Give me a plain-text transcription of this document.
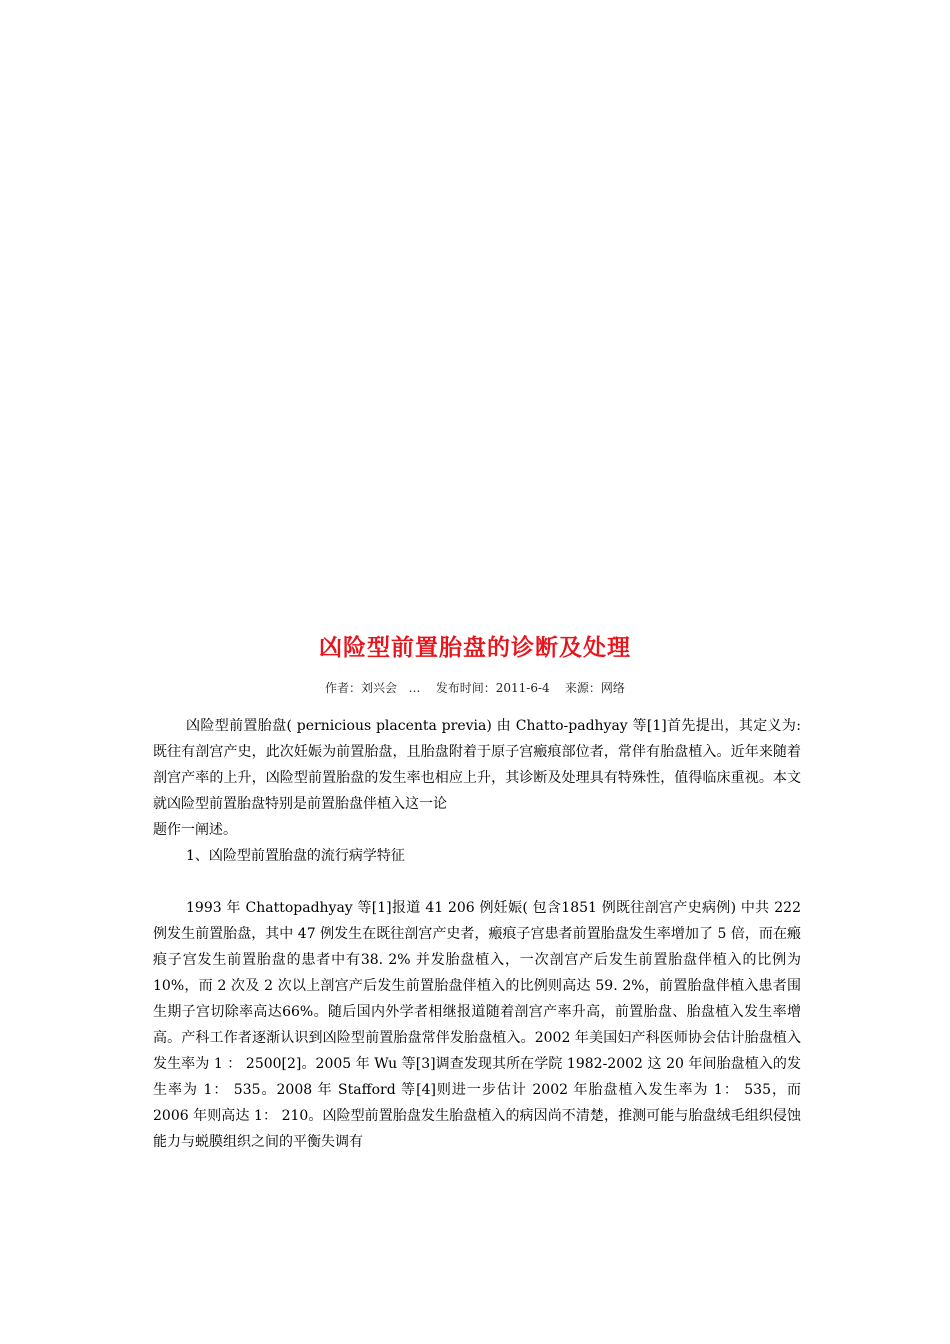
凶险型前置胎盘的诊断及处理
作者：刘兴会   …    发布时间：2011-6-4    来源：网络

凶险型前置胎盘( pernicious placenta previa) 由 Chatto-padhyay 等[1]首先提出，其定义为: 既往有剖宫产史，此次妊娠为前置胎盘，且胎盘附着于原子宫瘢痕部位者，常伴有胎盘植入。近年来随着剖宫产率的上升，凶险型前置胎盘的发生率也相应上升，其诊断及处理具有特殊性，值得临床重视。本文就凶险型前置胎盘特别是前置胎盘伴植入这一论

题作一阐述。

1、凶险型前置胎盘的流行病学特征

1993 年 Chattopadhyay 等[1]报道 41 206 例妊娠( 包含1851 例既往剖宫产史病例) 中共 222 例发生前置胎盘，其中 47 例发生在既往剖宫产史者，瘢痕子宫患者前置胎盘发生率增加了 5 倍，而在瘢痕子宫发生前置胎盘的患者中有38. 2% 并发胎盘植入，一次剖宫产后发生前置胎盘伴植入的比例为 10%，而 2 次及 2 次以上剖宫产后发生前置胎盘伴植入的比例则高达 59. 2%，前置胎盘伴植入患者围生期子宫切除率高达66%。随后国内外学者相继报道随着剖宫产率升高，前置胎盘、胎盘植入发生率增高。产科工作者逐渐认识到凶险型前置胎盘常伴发胎盘植入。2002 年美国妇产科医师协会估计胎盘植入发生率为 1 ： 2500[2]。2005 年 Wu 等[3]调查发现其所在学院 1982-2002 这 20 年间胎盘植入的发生率为 1： 535。2008 年 Stafford 等[4]则进一步估计 2002 年胎盘植入发生率为 1： 535，而 2006 年则高达 1： 210。凶险型前置胎盘发生胎盘植入的病因尚不清楚，推测可能与胎盘绒毛组织侵蚀能力与蜕膜组织之间的平衡失调有
